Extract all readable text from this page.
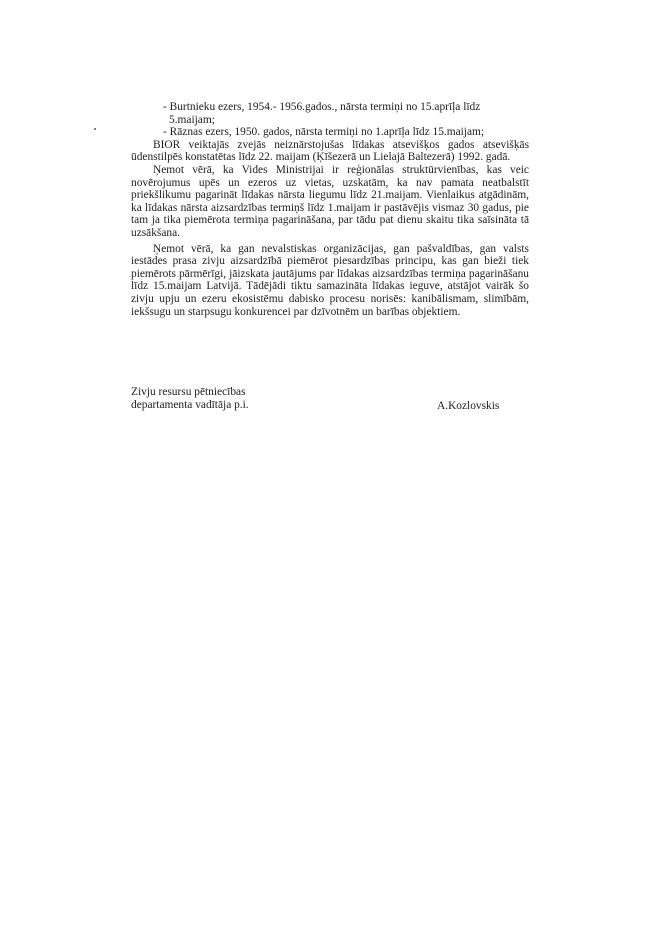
- Burtnieku ezers, 1954.- 1956.gados., nārsta termiņi no 15.aprīļa līdz

5.maijam;

- Rāznas ezers, 1950. gados, nārsta termiņi no 1.aprīļa līdz 15.maijam;

BIOR veiktajās zvejās neiznārstojušas līdakas atsevišķos gados atsevišķās ūdenstilpēs konstatētas līdz 22. maijam (Ķīšezerā un Lielajā Baltezerā) 1992. gadā.

Ņemot vērā, ka Vides Ministrijai ir reģionālas struktūrvienības, kas veic novērojumus upēs un ezeros uz vietas, uzskatām, ka nav pamata neatbalstīt priekšlikumu pagarināt līdakas nārsta liegumu līdz 21.maijam. Vienlaikus atgādinām, ka līdakas nārsta aizsardzības termiņš līdz 1.maijam ir pastāvējis vismaz 30 gadus, pie tam ja tika piemērota termiņa pagarināšana, par tādu pat dienu skaitu tika saīsināta tā uzsākšana.

Ņemot vērā, ka gan nevalstiskas organizācijas, gan pašvaldības, gan valsts iestādes prasa zivju aizsardzībā piemērot piesardzības principu, kas gan bieži tiek piemērots pārmērīgi, jāizskata jautājums par līdakas aizsardzības termiņa pagarināšanu līdz 15.maijam Latvijā. Tādējādi tiktu samazināta līdakas ieguve, atstājot vairāk šo zivju upju un ezeru ekosistēmu dabisko procesu norisēs: kanibālismam, slimībām, iekšsugu un starpsugu konkurencei par dzīvotnēm un barības objektiem.

Zivju resursu pētniecības
departamenta vadītāja p.i.	A.Kozlovskis
